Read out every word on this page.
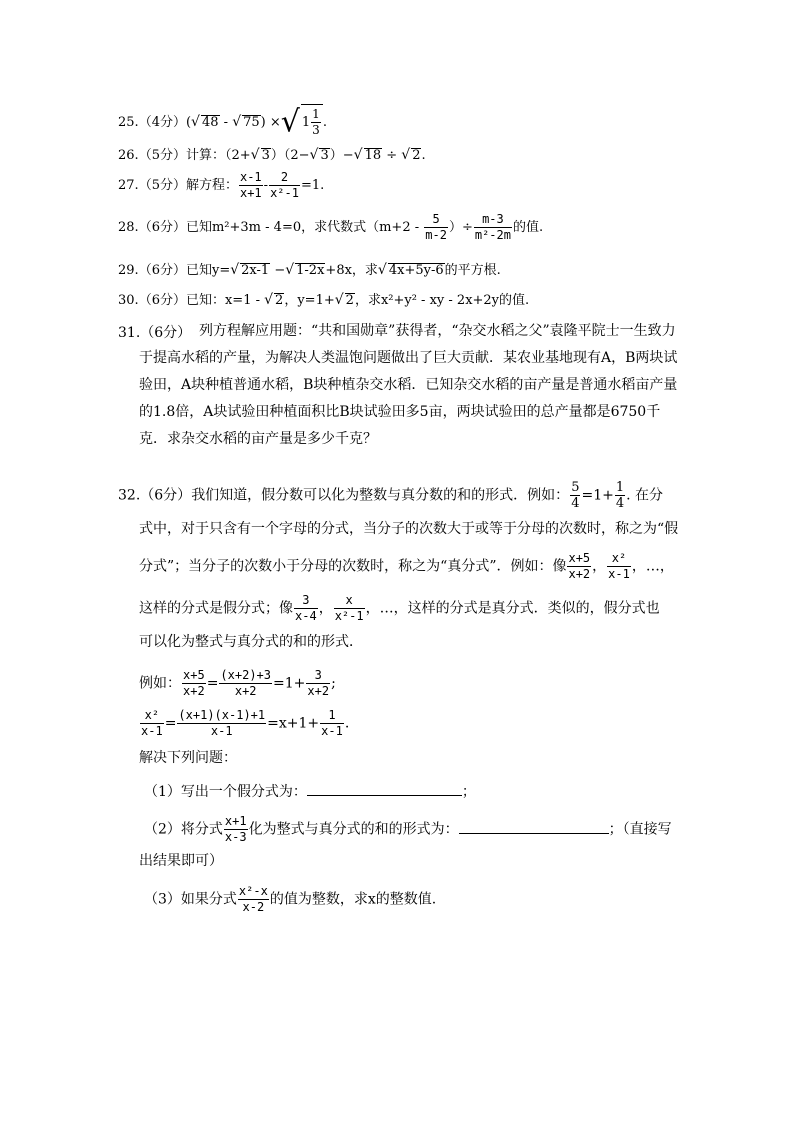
25.（4分）(√ 48 - √ 75) ×√ $1 \frac{1}{3}$ .
26.（5分）计算：（2+√ 3）（2−√ 3）−√ 18 ÷ √ 2.
27.（5分）解方程： $\frac{x-1}{x+1} - \frac{2}{\text{x²-1}} =1$.
28.（6分）已知m²+3m - 4=0，求代数式（$m+2 - \frac{5}{m-2}$ ）÷ $\frac{m-3}{\text{m²-2m}}$ 的值.
29.（6分）已知y=√ 2x-1 −√ 1-2x+8x，求√ 4x+5y-6的平方根.
30.（6分）已知：x=1 - √ 2，y=1+√ 2，求x²+y² - xy - 2x+2y的值.
31.（6分） 列方程解应用题：“共和国勋章”获得者，“杂交水稻之父”袁隆平院士一生致力于提高水稻的产量，为解决人类温饱问题做出了巨大贡献．某农业基地现有A，B两块试验田，A块种植普通水稻，B块种植杂交水稻．已知杂交水稻的亩产量是普通水稻亩产量的1.8倍，A块试验田种植面积比B块试验田多5亩，两块试验田的总产量都是6750千克．求杂交水稻的亩产量是多少千克？
32.（6分）我们知道，假分数可以化为整数与真分数的和的形式．例如： $\frac{5}{4} =1+ \frac{1}{4}$ . 在分
式中，对于只含有一个字母的分式，当分子的次数大于或等于分母的次数时，称之为“假
分式”；当分子的次数小于分母的次数时，称之为“真分式”．例如：像 $\frac{x+5}{x+2}$ ， $\frac{\text{x²}}{x-1}$ ，…，
这样的分式是假分式；像 $\frac{3}{x-4}$ ， $\frac{x}{\text{x²-1}}$ ，…，这样的分式是真分式．类似的，假分式也
可以化为整式与真分式的和的形式．
例如： $\frac{x+5}{x+2} = \frac{(x+2)+3}{x+2} =1+ \frac{3}{x+2}$ ;
$\frac{\text{x²}}{x-1} = \frac{(x+1)(x-1)+1}{x-1} =x+1+ \frac{1}{x-1}$ .
解决下列问题：
（1）写出一个假分式为：	；
（2）将分式 $\frac{x+1}{x-3}$ 化为整式与真分式的和的形式为：	；（直接写
出结果即可）
（3）如果分式 $\frac{\text{x²-x}}{x-2}$ 的值为整数，求x的整数值.
